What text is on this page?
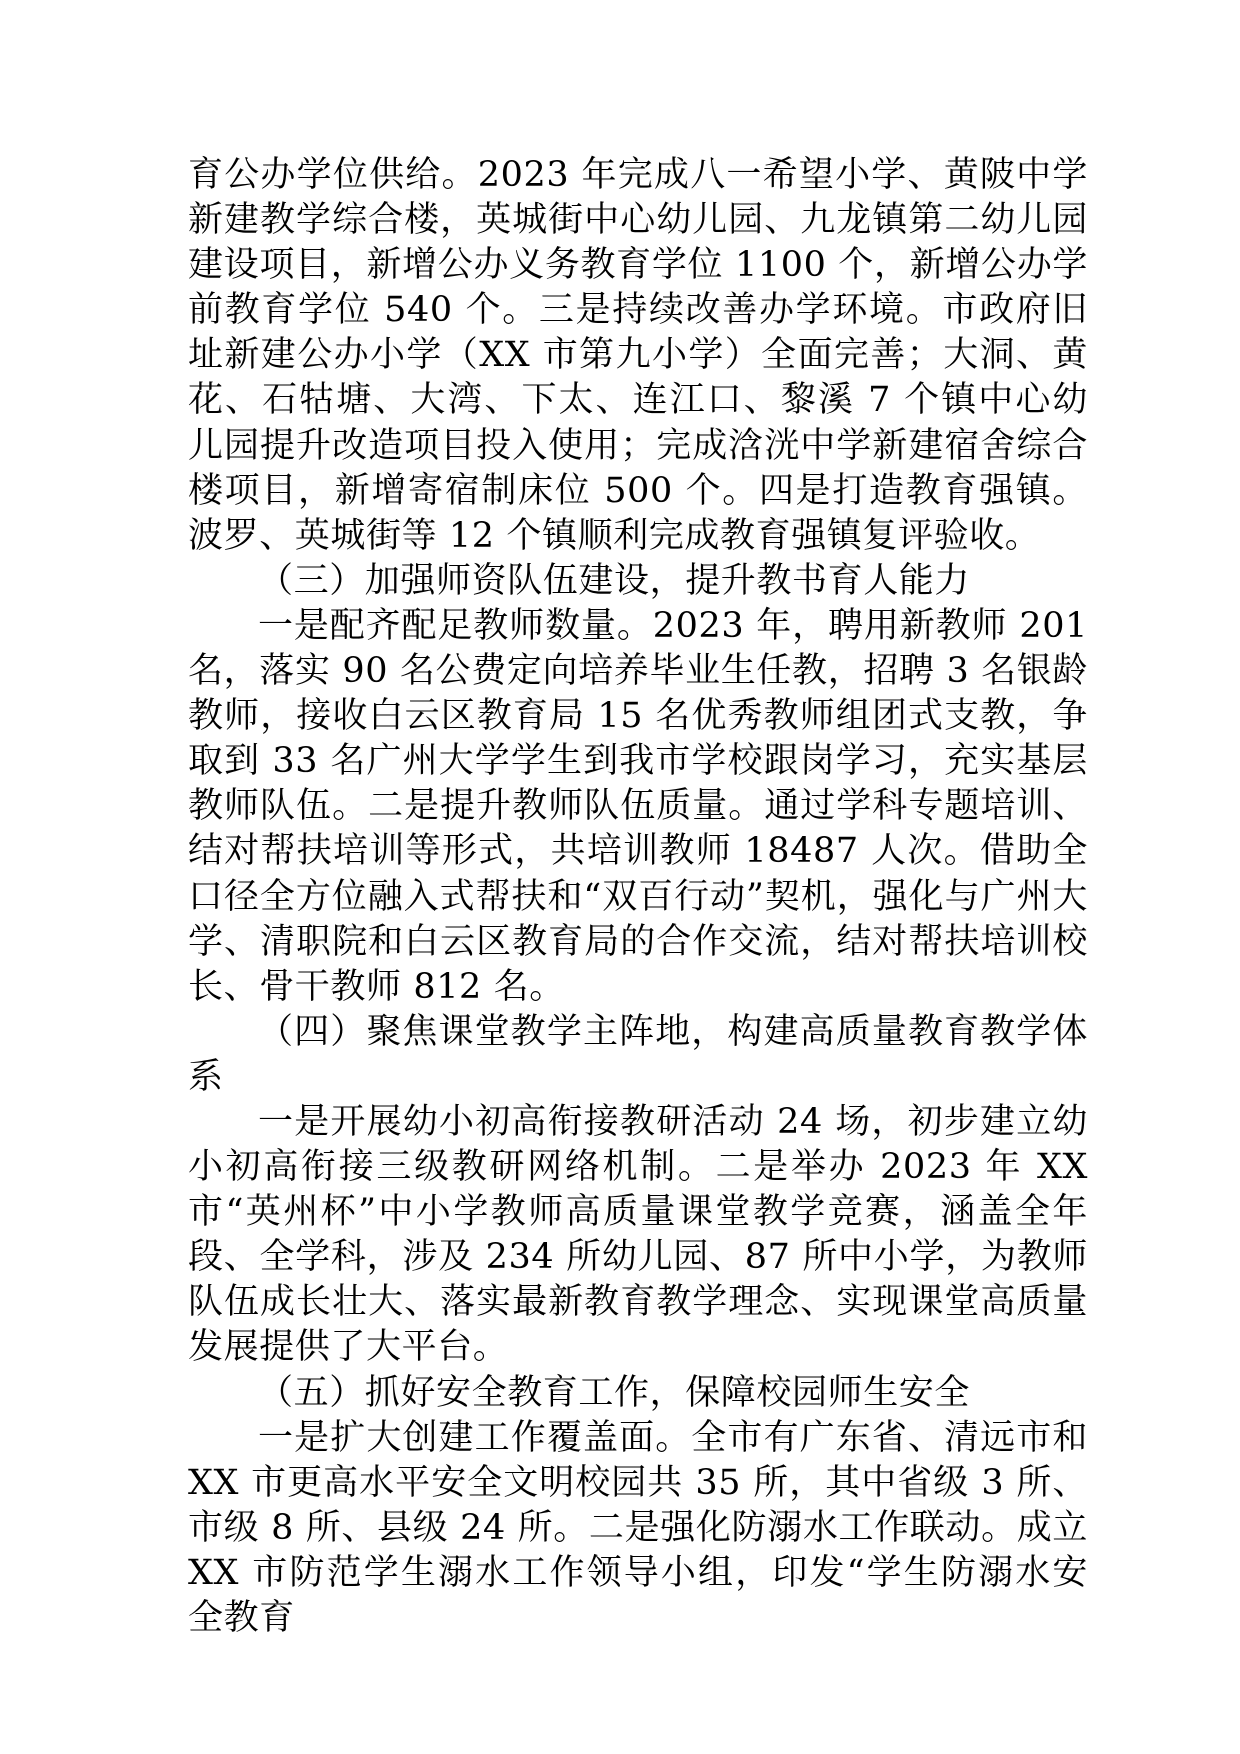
育公办学位供给。2023 年完成八一希望小学、黄陂中学新建教学综合楼，英城街中心幼儿园、九龙镇第二幼儿园建设项目，新增公办义务教育学位 1100 个，新增公办学前教育学位 540 个。三是持续改善办学环境。市政府旧址新建公办小学（XX 市第九小学）全面完善；大洞、黄花、石牯塘、大湾、下太、连江口、黎溪 7 个镇中心幼儿园提升改造项目投入使用；完成浛洸中学新建宿舍综合楼项目，新增寄宿制床位 500 个。四是打造教育强镇。波罗、英城街等 12 个镇顺利完成教育强镇复评验收。

（三）加强师资队伍建设，提升教书育人能力

一是配齐配足教师数量。2023 年，聘用新教师 201 名，落实 90 名公费定向培养毕业生任教，招聘 3 名银龄教师，接收白云区教育局 15 名优秀教师组团式支教，争取到 33 名广州大学学生到我市学校跟岗学习，充实基层教师队伍。二是提升教师队伍质量。通过学科专题培训、结对帮扶培训等形式，共培训教师 18487 人次。借助全口径全方位融入式帮扶和“双百行动”契机，强化与广州大学、清职院和白云区教育局的合作交流，结对帮扶培训校长、骨干教师 812 名。

（四）聚焦课堂教学主阵地，构建高质量教育教学体系

一是开展幼小初高衔接教研活动 24 场，初步建立幼小初高衔接三级教研网络机制。二是举办 2023 年 XX 市“英州杯”中小学教师高质量课堂教学竞赛，涵盖全年段、全学科，涉及 234 所幼儿园、87 所中小学，为教师队伍成长壮大、落实最新教育教学理念、实现课堂高质量发展提供了大平台。

（五）抓好安全教育工作，保障校园师生安全

一是扩大创建工作覆盖面。全市有广东省、清远市和 XX 市更高水平安全文明校园共 35 所，其中省级 3 所、市级 8 所、县级 24 所。二是强化防溺水工作联动。成立 XX 市防范学生溺水工作领导小组，印发“学生防溺水安全教育
